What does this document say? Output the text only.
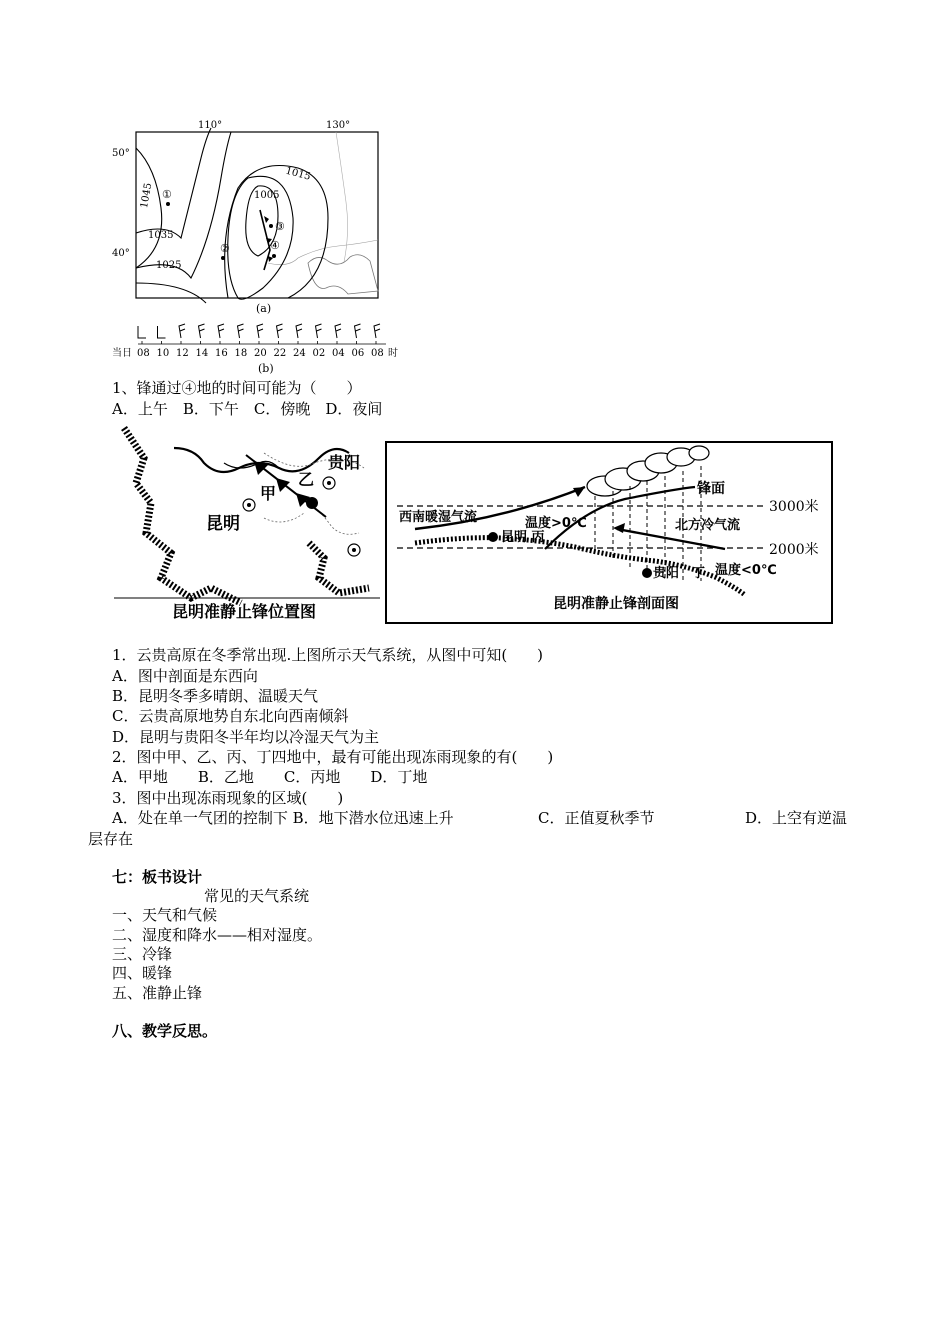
110°	130°
50°
40°
1045
1035
1025
1005
1015
①
②
③
④
(a)
当日 08 10 12 14 16 18 20 22 24 02 04 06 08 时
(b)
1、锋通过④地的时间可能为（　　）
A．上午　B．下午　C．傍晚　D．夜间
贵阳
乙
甲
昆明
昆明准静止锋位置图
锋面
3000米
2000米
西南暖湿气流	温度>0℃	北方冷气流
昆明 丙
贵阳　丁 温度<0℃
昆明准静止锋剖面图
1．云贵高原在冬季常出现.上图所示天气系统，从图中可知(　　)
A．图中剖面是东西向
B．昆明冬季多晴朗、温暖天气
C．云贵高原地势自东北向西南倾斜
D．昆明与贵阳冬半年均以冷湿天气为主
2．图中甲、乙、丙、丁四地中，最有可能出现冻雨现象的有(　　)
A．甲地　　B．乙地　　C．丙地　　D．丁地
3．图中出现冻雨现象的区域(　　)
A．处在单一气团的控制下 B．地下潜水位迅速上升	C．正值夏秋季节	D．上空有逆温
层存在
七：板书设计
常见的天气系统
一、天气和气候
二、湿度和降水——相对湿度。
三、冷锋
四、暖锋
五、准静止锋
八、教学反思。
